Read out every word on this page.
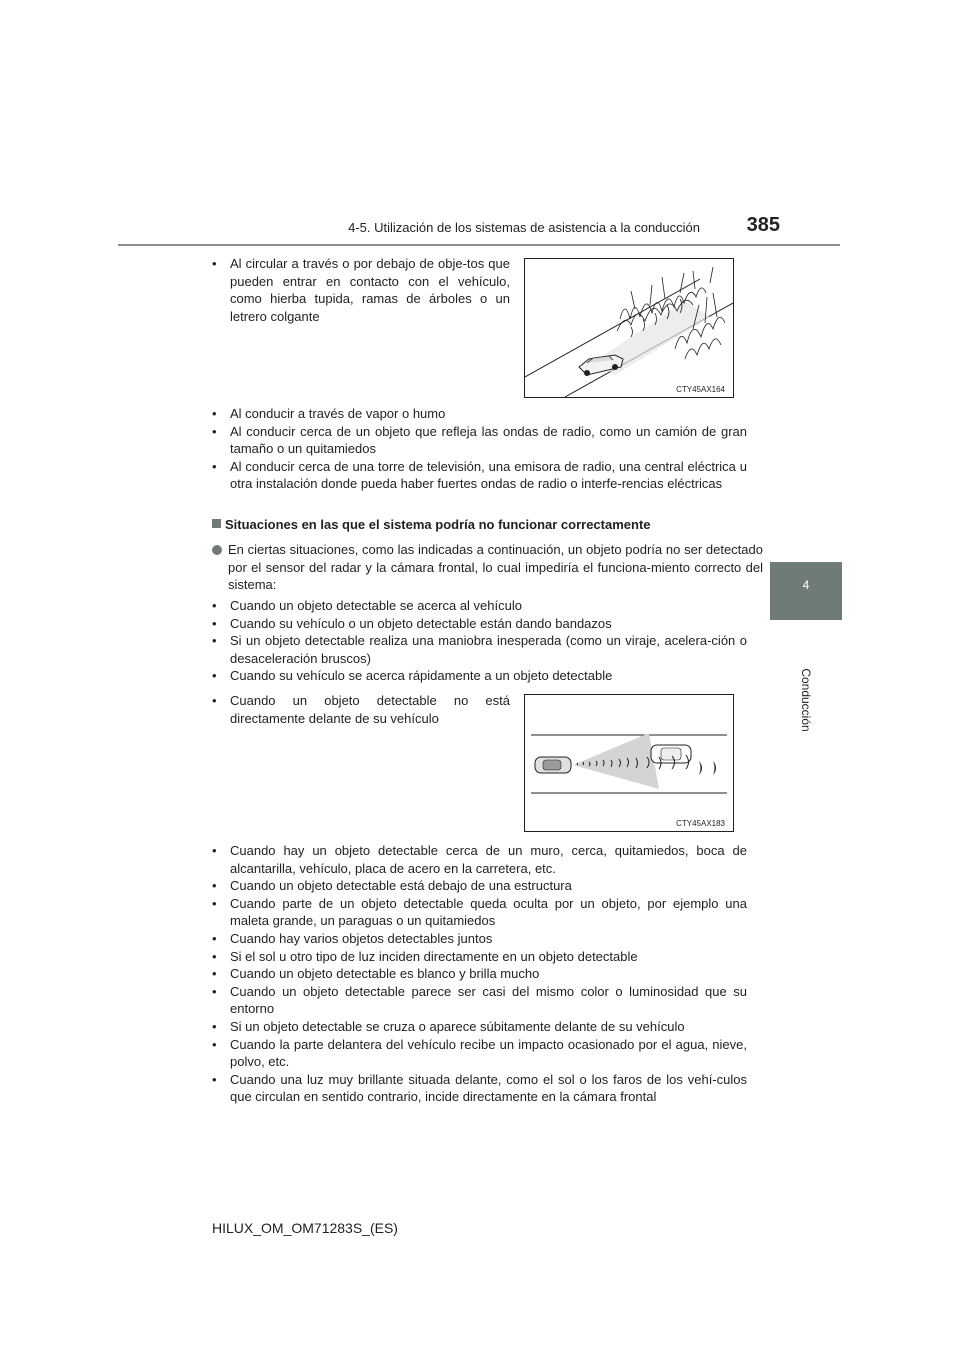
4-5. Utilización de los sistemas de asistencia a la conducción 385
4
Conducción
• Al circular a través o por debajo de obje-tos que pueden entrar en contacto con el vehículo, como hierba tupida, ramas de árboles o un letrero colgante
CTY45AX164
• Al conducir a través de vapor o humo
• Al conducir cerca de un objeto que refleja las ondas de radio, como un camión de gran tamaño o un quitamiedos
• Al conducir cerca de una torre de televisión, una emisora de radio, una central eléctrica u otra instalación donde pueda haber fuertes ondas de radio o interfe-rencias eléctricas
Situaciones en las que el sistema podría no funcionar correctamente
En ciertas situaciones, como las indicadas a continuación, un objeto podría no ser detectado por el sensor del radar y la cámara frontal, lo cual impediría el funciona-miento correcto del sistema:
• Cuando un objeto detectable se acerca al vehículo
• Cuando su vehículo o un objeto detectable están dando bandazos
• Si un objeto detectable realiza una maniobra inesperada (como un viraje, acelera-ción o desaceleración bruscos)
• Cuando su vehículo se acerca rápidamente a un objeto detectable
• Cuando un objeto detectable no está directamente delante de su vehículo
CTY45AX183
• Cuando hay un objeto detectable cerca de un muro, cerca, quitamiedos, boca de alcantarilla, vehículo, placa de acero en la carretera, etc.
• Cuando un objeto detectable está debajo de una estructura
• Cuando parte de un objeto detectable queda oculta por un objeto, por ejemplo una maleta grande, un paraguas o un quitamiedos
• Cuando hay varios objetos detectables juntos
• Si el sol u otro tipo de luz inciden directamente en un objeto detectable
• Cuando un objeto detectable es blanco y brilla mucho
• Cuando un objeto detectable parece ser casi del mismo color o luminosidad que su entorno
• Si un objeto detectable se cruza o aparece súbitamente delante de su vehículo
• Cuando la parte delantera del vehículo recibe un impacto ocasionado por el agua, nieve, polvo, etc.
• Cuando una luz muy brillante situada delante, como el sol o los faros de los vehí-culos que circulan en sentido contrario, incide directamente en la cámara frontal
HILUX_OM_OM71283S_(ES)
